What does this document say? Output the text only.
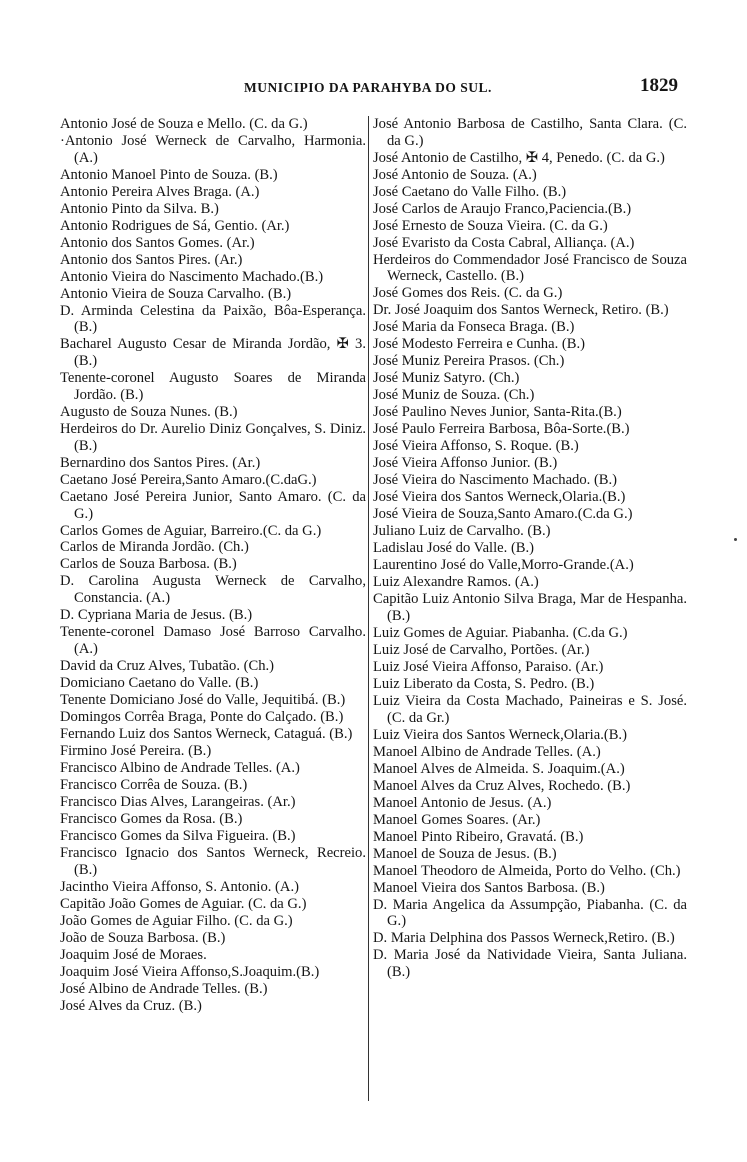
MUNICIPIO DA PARAHYBA DO SUL.	1829

Antonio José de Souza e Mello. (C. da G.)

·Antonio José Werneck de Carvalho, Harmonia. (A.)

Antonio Manoel Pinto de Souza. (B.)

Antonio Pereira Alves Braga. (A.)

Antonio Pinto da Silva. B.)

Antonio Rodrigues de Sá, Gentio. (Ar.)

Antonio dos Santos Gomes. (Ar.)

Antonio dos Santos Pires. (Ar.)

Antonio Vieira do Nascimento Machado.(B.)

Antonio Vieira de Souza Carvalho. (B.)

D. Arminda Celestina da Paixão, Bôa-Esperança. (B.)

Bacharel Augusto Cesar de Miranda Jordão, ✠ 3. (B.)

Tenente-coronel Augusto Soares de Miranda Jordão. (B.)

Augusto de Souza Nunes. (B.)

Herdeiros do Dr. Aurelio Diniz Gonçalves, S. Diniz. (B.)

Bernardino dos Santos Pires. (Ar.)

Caetano José Pereira,Santo Amaro.(C.daG.)

Caetano José Pereira Junior, Santo Amaro. (C. da G.)

Carlos Gomes de Aguiar, Barreiro.(C. da G.)

Carlos de Miranda Jordão. (Ch.)

Carlos de Souza Barbosa. (B.)

D. Carolina Augusta Werneck de Carvalho, Constancia. (A.)

D. Cypriana Maria de Jesus. (B.)

Tenente-coronel Damaso José Barroso Carvalho. (A.)

David da Cruz Alves, Tubatão. (Ch.)

Domiciano Caetano do Valle. (B.)

Tenente Domiciano José do Valle, Jequitibá. (B.)

Domingos Corrêa Braga, Ponte do Calçado. (B.)

Fernando Luiz dos Santos Werneck, Cataguá. (B.)

Firmino José Pereira. (B.)

Francisco Albino de Andrade Telles. (A.)

Francisco Corrêa de Souza. (B.)

Francisco Dias Alves, Larangeiras. (Ar.)

Francisco Gomes da Rosa. (B.)

Francisco Gomes da Silva Figueira. (B.)

Francisco Ignacio dos Santos Werneck, Recreio. (B.)

Jacintho Vieira Affonso, S. Antonio. (A.)

Capitão João Gomes de Aguiar. (C. da G.)

João Gomes de Aguiar Filho. (C. da G.)

João de Souza Barbosa. (B.)

Joaquim José de Moraes.

Joaquim José Vieira Affonso,S.Joaquim.(B.)

José Albino de Andrade Telles. (B.)

José Alves da Cruz. (B.)

José Antonio Barbosa de Castilho, Santa Clara. (C. da G.)

José Antonio de Castilho, ✠ 4, Penedo. (C. da G.)

José Antonio de Souza. (A.)

José Caetano do Valle Filho. (B.)

José Carlos de Araujo Franco,Paciencia.(B.)

José Ernesto de Souza Vieira. (C. da G.)

José Evaristo da Costa Cabral, Alliança. (A.)

Herdeiros do Commendador José Francisco de Souza Werneck, Castello. (B.)

José Gomes dos Reis. (C. da G.)

Dr. José Joaquim dos Santos Werneck, Retiro. (B.)

José Maria da Fonseca Braga. (B.)

José Modesto Ferreira e Cunha. (B.)

José Muniz Pereira Prasos. (Ch.)

José Muniz Satyro. (Ch.)

José Muniz de Souza. (Ch.)

José Paulino Neves Junior, Santa-Rita.(B.)

José Paulo Ferreira Barbosa, Bôa-Sorte.(B.)

José Vieira Affonso, S. Roque. (B.)

José Vieira Affonso Junior. (B.)

José Vieira do Nascimento Machado. (B.)

José Vieira dos Santos Werneck,Olaria.(B.)

José Vieira de Souza,Santo Amaro.(C.da G.)

Juliano Luiz de Carvalho. (B.)

Ladislau José do Valle. (B.)

Laurentino José do Valle,Morro-Grande.(A.)

Luiz Alexandre Ramos. (A.)

Capitão Luiz Antonio Silva Braga, Mar de Hespanha. (B.)

Luiz Gomes de Aguiar. Piabanha. (C.da G.)

Luiz José de Carvalho, Portões. (Ar.)

Luiz José Vieira Affonso, Paraiso. (Ar.)

Luiz Liberato da Costa, S. Pedro. (B.)

Luiz Vieira da Costa Machado, Paineiras e S. José. (C. da Gr.)

Luiz Vieira dos Santos Werneck,Olaria.(B.)

Manoel Albino de Andrade Telles. (A.)

Manoel Alves de Almeida. S. Joaquim.(A.)

Manoel Alves da Cruz Alves, Rochedo. (B.)

Manoel Antonio de Jesus. (A.)

Manoel Gomes Soares. (Ar.)

Manoel Pinto Ribeiro, Gravatá. (B.)

Manoel de Souza de Jesus. (B.)

Manoel Theodoro de Almeida, Porto do Velho. (Ch.)

Manoel Vieira dos Santos Barbosa. (B.)

D. Maria Angelica da Assumpção, Piabanha. (C. da G.)

D. Maria Delphina dos Passos Werneck,Retiro. (B.)

D. Maria José da Natividade Vieira, Santa Juliana. (B.)
